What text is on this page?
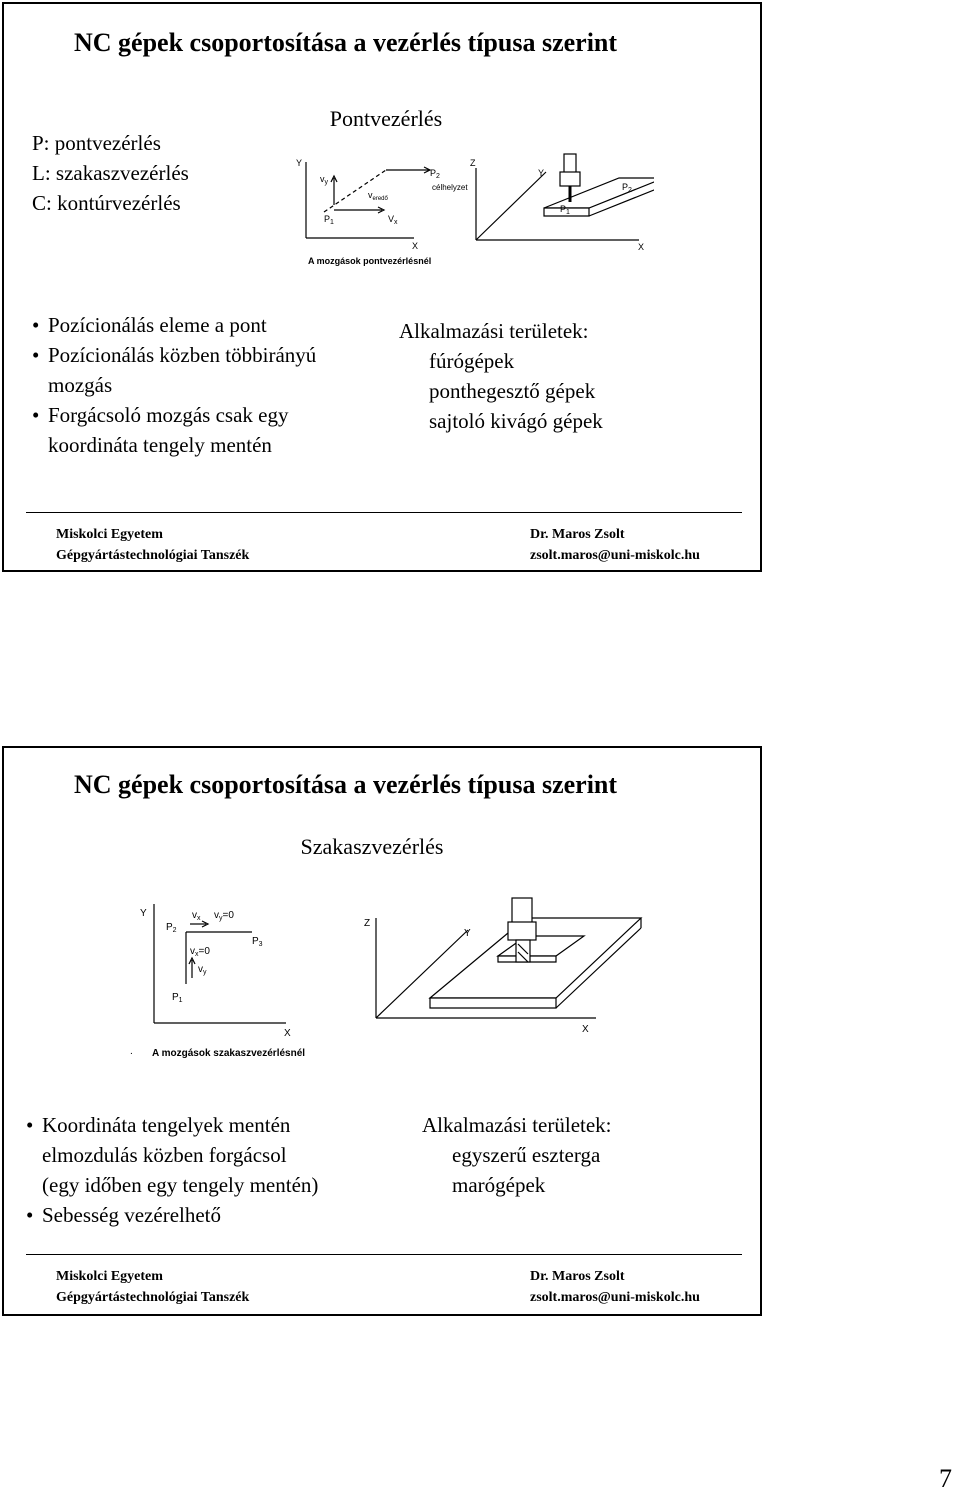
NC gépek csoportosítása a vezérlés típusa szerint
P: pontvezérlés
L: szakaszvezérlés
C: kontúrvezérlés
Pontvezérlés
Y
X
$v_y$
$v_{eredő}$
$P_2$
célhelyzet
$P_1$	$V_x$
Z
Y
X
$P_2$
$P_1$
A mozgások pontvezérlésnél
• Pozícionálás eleme a pont
• Pozícionálás közben többirányú
mozgás
• Forgácsoló mozgás csak egy
koordináta tengely mentén
Alkalmazási területek:
fúrógépek
ponthegesztő gépek
sajtoló kivágó gépek
Miskolci Egyetem
Gépgyártástechnológiai Tanszék
Dr. Maros Zsolt
zsolt.maros@uni-miskolc.hu
NC gépek csoportosítása a vezérlés típusa szerint
Szakaszvezérlés
Y
X
$P_2$
$P_3$
$P_1$
$v_x$ $v_y=0$
$v_x=0$
$v_y$
Z
Y
X
. A mozgások szakaszvezérlésnél
• Koordináta tengelyek mentén
elmozdulás közben forgácsol
(egy időben egy tengely mentén)
• Sebesség vezérelhető
Alkalmazási területek:
egyszerű eszterga
marógépek
Miskolci Egyetem
Gépgyártástechnológiai Tanszék
Dr. Maros Zsolt
zsolt.maros@uni-miskolc.hu
7
